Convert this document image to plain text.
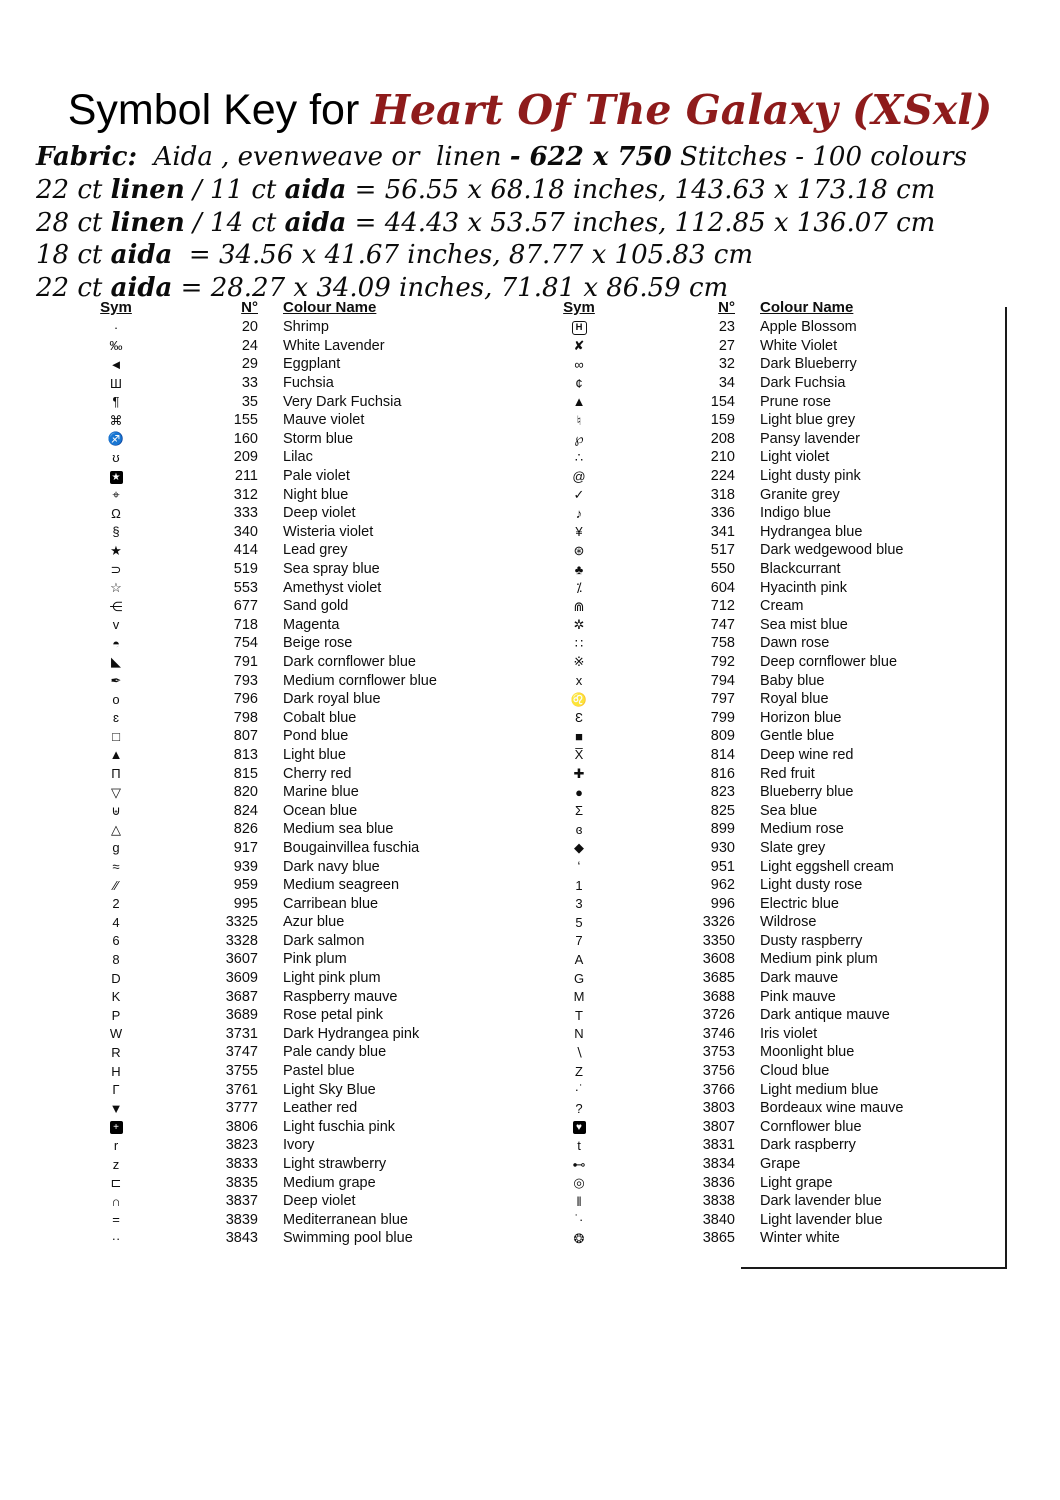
Symbol Key for Heart Of The Galaxy (XSxl)
Fabric:  Aida , evenweave or  linen - 622 x 750 Stitches - 100 colours
22 ct linen / 11 ct aida = 56.55 x 68.18 inches, 143.63 x 173.18 cm
28 ct linen / 14 ct aida = 44.43 x 53.57 inches, 112.85 x 136.07 cm
18 ct aida  = 34.56 x 41.67 inches, 87.77 x 105.83 cm
22 ct aida = 28.27 x 34.09 inches, 71.81 x 86.59 cm
Sym	N°	Colour Name
·	20	Shrimp
‰	24	White Lavender
◄	29	Eggplant
Ш	33	Fuchsia
¶	35	Very Dark Fuchsia
⌘	155	Mauve violet
♐	160	Storm blue
ʊ	209	Lilac
★	211	Pale violet
⌖	312	Night blue
Ω	333	Deep violet
§	340	Wisteria violet
★	414	Lead grey
⊃	519	Sea spray blue
☆	553	Amethyst violet
⋲	677	Sand gold
ᴠ	718	Magenta
◓	754	Beige rose
◣	791	Dark cornflower blue
✒	793	Medium cornflower blue
o	796	Dark royal blue
ɛ	798	Cobalt blue
□	807	Pond blue
▲	813	Light blue
Π	815	Cherry red
▽	820	Marine blue
⊎	824	Ocean blue
△	826	Medium sea blue
g	917	Bougainvillea fuschia
≈	939	Dark navy blue
∕∕	959	Medium seagreen
2	995	Carribean blue
4	3325	Azur blue
6	3328	Dark salmon
8	3607	Pink plum
D	3609	Light pink plum
K	3687	Raspberry mauve
P	3689	Rose petal pink
W	3731	Dark Hydrangea pink
R	3747	Pale candy blue
H	3755	Pastel blue
Γ	3761	Light Sky Blue
▼	3777	Leather red
+	3806	Light fuschia pink
r	3823	Ivory
z	3833	Light strawberry
⊏	3835	Medium grape
∩	3837	Deep violet
=	3839	Mediterranean blue
··	3843	Swimming pool blue
Sym	N°	Colour Name
H	23	Apple Blossom
✘	27	White Violet
∞	32	Dark Blueberry
¢	34	Dark Fuchsia
▲	154	Prune rose
♮	159	Light blue grey
℘	208	Pansy lavender
∴	210	Light violet
@	224	Light dusty pink
✓	318	Granite grey
♪	336	Indigo blue
¥	341	Hydrangea blue
⊛	517	Dark wedgewood blue
♣	550	Blackcurrant
⁒	604	Hyacinth pink
⋒	712	Cream
✲	747	Sea mist blue
∷	758	Dawn rose
※	792	Deep cornflower blue
x	794	Baby blue
♌	797	Royal blue
Ɛ	799	Horizon blue
■	809	Gentle blue
X̅	814	Deep wine red
✚	816	Red fruit
●	823	Blueberry blue
Σ	825	Sea blue
ɞ	899	Medium rose
◆	930	Slate grey
ʻ	951	Light eggshell cream
1	962	Light dusty rose
3	996	Electric blue
5	3326	Wildrose
7	3350	Dusty raspberry
A	3608	Medium pink plum
G	3685	Dark mauve
M	3688	Pink mauve
T	3726	Dark antique mauve
N	3746	Iris violet
∖	3753	Moonlight blue
Z	3756	Cloud blue
·˙	3766	Light medium blue
?	3803	Bordeaux wine mauve
♥	3807	Cornflower blue
t	3831	Dark raspberry
⊷	3834	Grape
◎	3836	Light grape
‖	3838	Dark lavender blue
˙·	3840	Light lavender blue
❂	3865	Winter white
